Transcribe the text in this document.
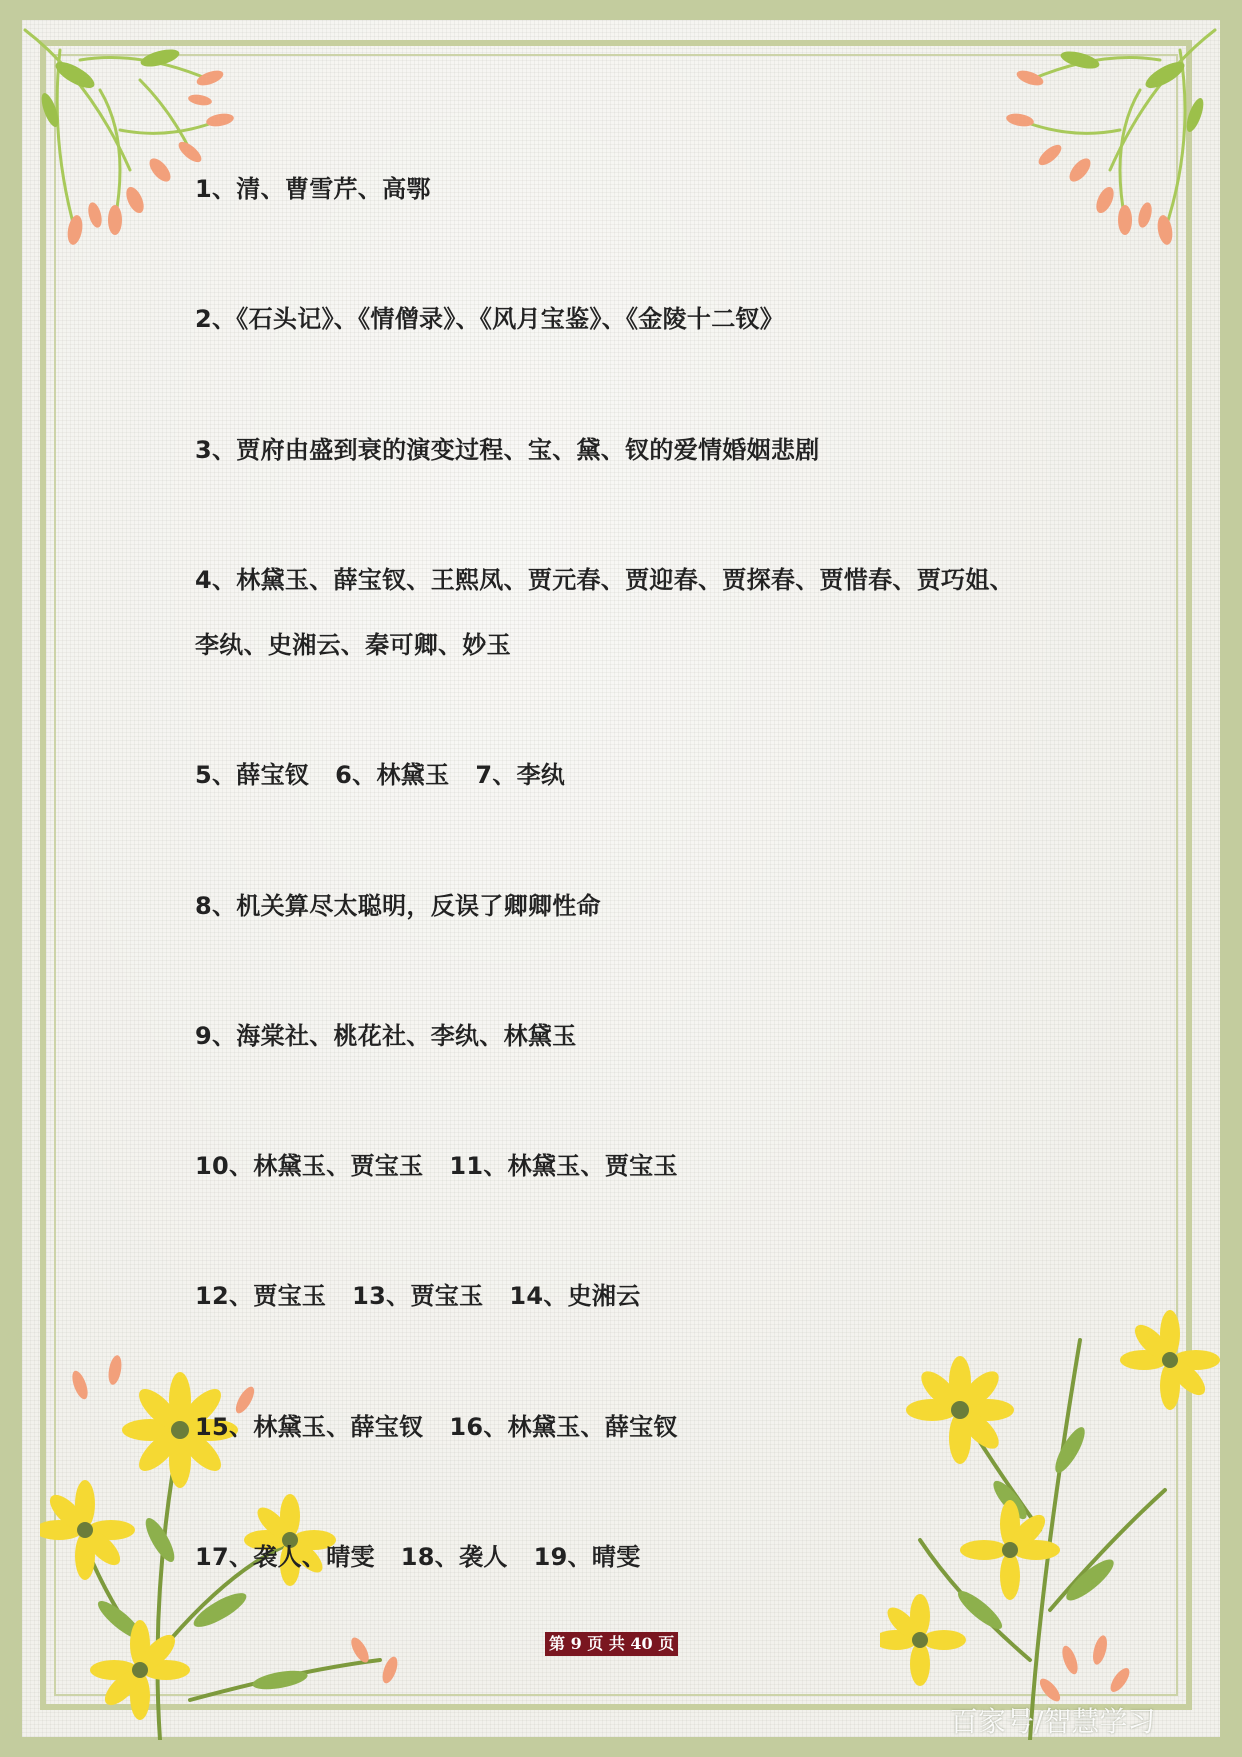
1、清、曹雪芹、高鄂
2、《石头记》、《情僧录》、《风月宝鉴》、《金陵十二钗》
3、贾府由盛到衰的演变过程、宝、黛、钗的爱情婚姻悲剧
4、林黛玉、薛宝钗、王熙凤、贾元春、贾迎春、贾探春、贾惜春、贾巧姐、
李纨、史湘云、秦可卿、妙玉
5、薛宝钗   6、林黛玉   7、李纨
8、机关算尽太聪明，反误了卿卿性命
9、海棠社、桃花社、李纨、林黛玉
10、林黛玉、贾宝玉   11、林黛玉、贾宝玉
12、贾宝玉   13、贾宝玉   14、史湘云
15、林黛玉、薛宝钗   16、林黛玉、薛宝钗
17、袭人、晴雯   18、袭人   19、晴雯
第 9 页 共 40 页
百家号/智慧学习
